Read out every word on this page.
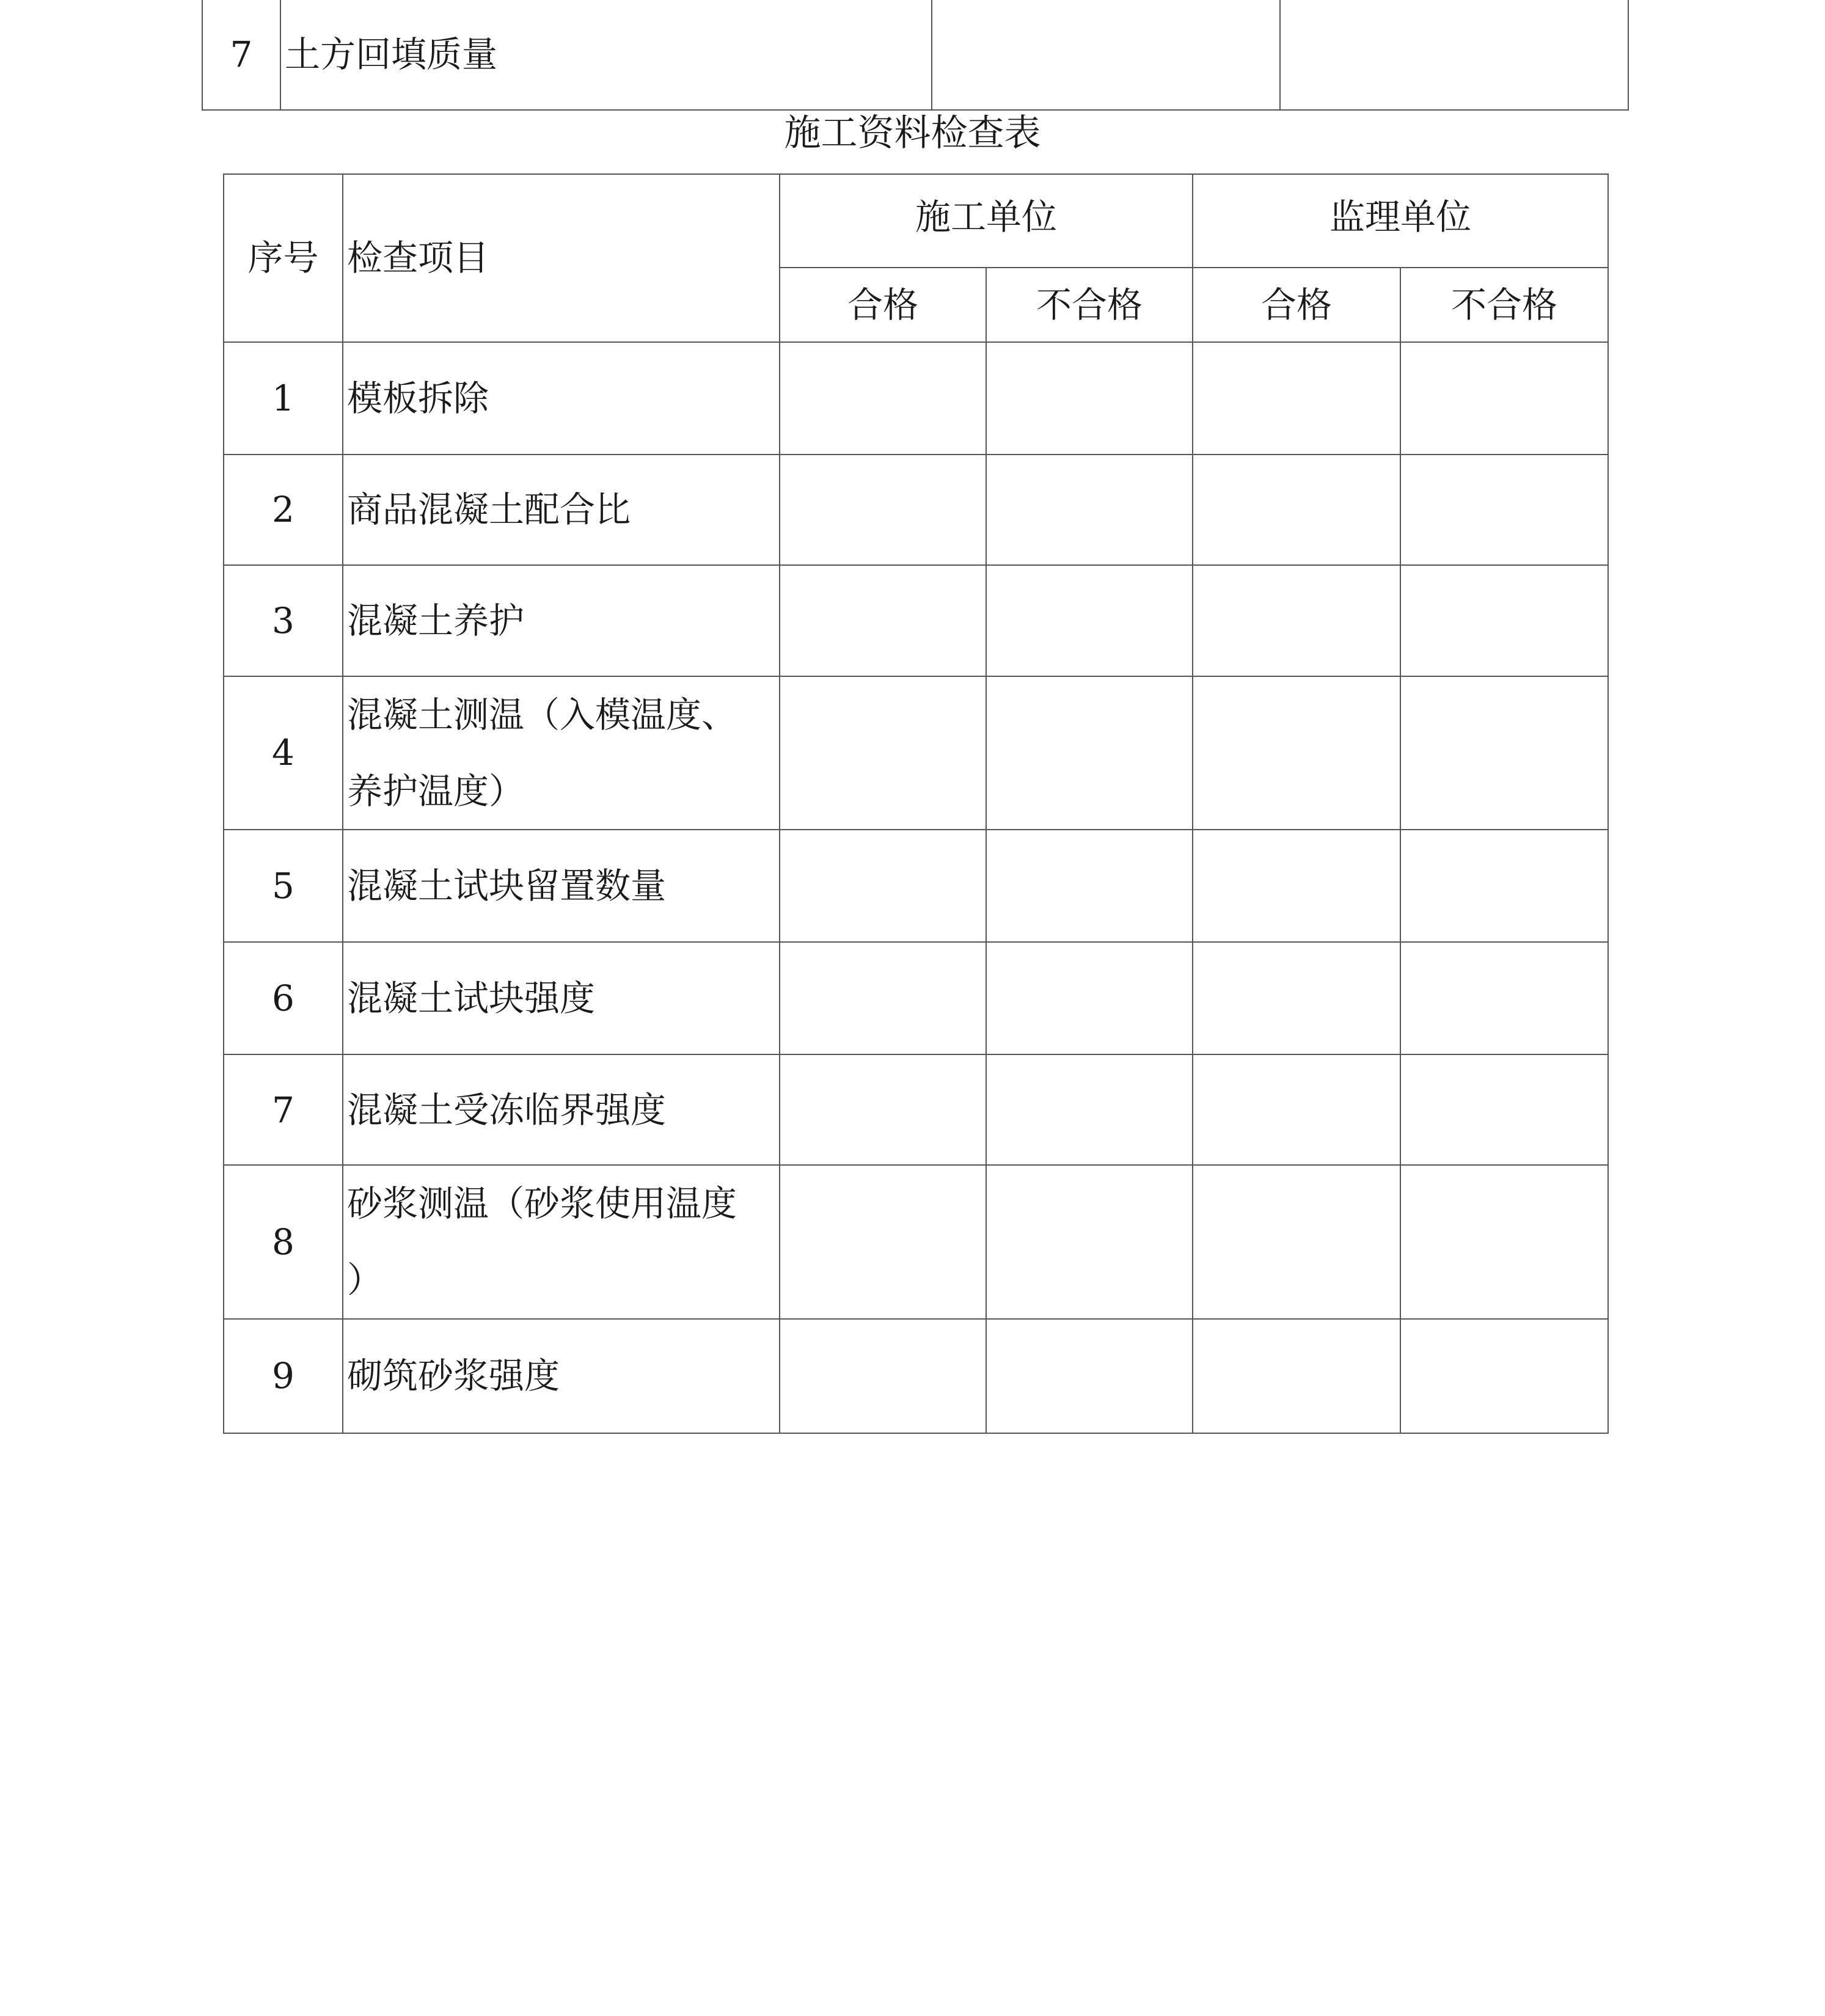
7	土方回填质量		
施工资料检查表
序号	检查项目	施工单位		监理单位	
		合格	不合格	合格	不合格
1	模板拆除				
2	商品混凝土配合比				
3	混凝土养护				
4	混凝土测温（入模温度、
养护温度）				

5	混凝土试块留置数量				
6	混凝土试块强度				
7	混凝土受冻临界强度				
8	砂浆测温（砂浆使用温度
）				

9	砌筑砂浆强度				
